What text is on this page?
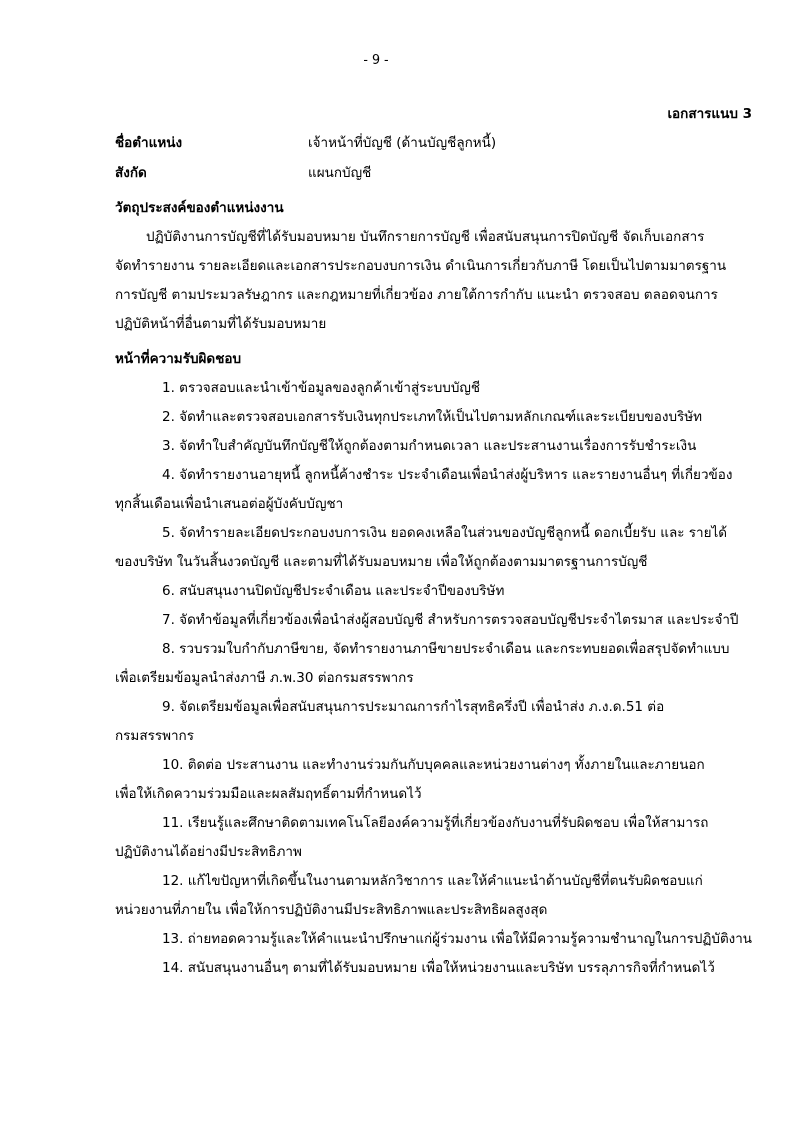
- 9 -
เอกสารแนบ 3
ชื่อตำแหน่ง	เจ้าหน้าที่บัญชี (ด้านบัญชีลูกหนี้)
สังกัด	แผนกบัญชี
วัตถุประสงค์ของตำแหน่งงาน
ปฏิบัติงานการบัญชีที่ได้รับมอบหมาย บันทึกรายการบัญชี เพื่อสนับสนุนการปิดบัญชี จัดเก็บเอกสาร
จัดทำรายงาน รายละเอียดและเอกสารประกอบงบการเงิน ดำเนินการเกี่ยวกับภาษี โดยเป็นไปตามมาตรฐาน
การบัญชี ตามประมวลรัษฎากร และกฎหมายที่เกี่ยวข้อง ภายใต้การกำกับ แนะนำ ตรวจสอบ ตลอดจนการ
ปฏิบัติหน้าที่อื่นตามที่ได้รับมอบหมาย
หน้าที่ความรับผิดชอบ
1. ตรวจสอบและนำเข้าข้อมูลของลูกค้าเข้าสู่ระบบบัญชี
2. จัดทำและตรวจสอบเอกสารรับเงินทุกประเภทให้เป็นไปตามหลักเกณฑ์และระเบียบของบริษัท
3. จัดทำใบสำคัญบันทึกบัญชีให้ถูกต้องตามกำหนดเวลา และประสานงานเรื่องการรับชำระเงิน
4. จัดทำรายงานอายุหนี้ ลูกหนี้ค้างชำระ ประจำเดือนเพื่อนำส่งผู้บริหาร และรายงานอื่นๆ ที่เกี่ยวข้อง
ทุกสิ้นเดือนเพื่อนำเสนอต่อผู้บังคับบัญชา
5. จัดทำรายละเอียดประกอบงบการเงิน ยอดคงเหลือในส่วนของบัญชีลูกหนี้ ดอกเบี้ยรับ และ รายได้
ของบริษัท ในวันสิ้นงวดบัญชี และตามที่ได้รับมอบหมาย เพื่อให้ถูกต้องตามมาตรฐานการบัญชี
6. สนับสนุนงานปิดบัญชีประจำเดือน และประจำปีของบริษัท
7. จัดทำข้อมูลที่เกี่ยวข้องเพื่อนำส่งผู้สอบบัญชี สำหรับการตรวจสอบบัญชีประจำไตรมาส และประจำปี
8. รวบรวมใบกำกับภาษีขาย, จัดทำรายงานภาษีขายประจำเดือน และกระทบยอดเพื่อสรุปจัดทำแบบ
เพื่อเตรียมข้อมูลนำส่งภาษี ภ.พ.30 ต่อกรมสรรพากร
9. จัดเตรียมข้อมูลเพื่อสนับสนุนการประมาณการกำไรสุทธิครึ่งปี เพื่อนำส่ง ภ.ง.ด.51 ต่อ
กรมสรรพากร
10. ติดต่อ ประสานงาน และทำงานร่วมกันกับบุคคลและหน่วยงานต่างๆ ทั้งภายในและภายนอก
เพื่อให้เกิดความร่วมมือและผลสัมฤทธิ์ตามที่กำหนดไว้
11. เรียนรู้และศึกษาติดตามเทคโนโลยีองค์ความรู้ที่เกี่ยวข้องกับงานที่รับผิดชอบ เพื่อให้สามารถ
ปฏิบัติงานได้อย่างมีประสิทธิภาพ
12. แก้ไขปัญหาที่เกิดขึ้นในงานตามหลักวิชาการ และให้คำแนะนำด้านบัญชีที่ตนรับผิดชอบแก่
หน่วยงานที่ภายใน เพื่อให้การปฏิบัติงานมีประสิทธิภาพและประสิทธิผลสูงสุด
13. ถ่ายทอดความรู้และให้คำแนะนำปรึกษาแก่ผู้ร่วมงาน เพื่อให้มีความรู้ความชำนาญในการปฏิบัติงาน
14. สนับสนุนงานอื่นๆ ตามที่ได้รับมอบหมาย เพื่อให้หน่วยงานและบริษัท บรรลุภารกิจที่กำหนดไว้
